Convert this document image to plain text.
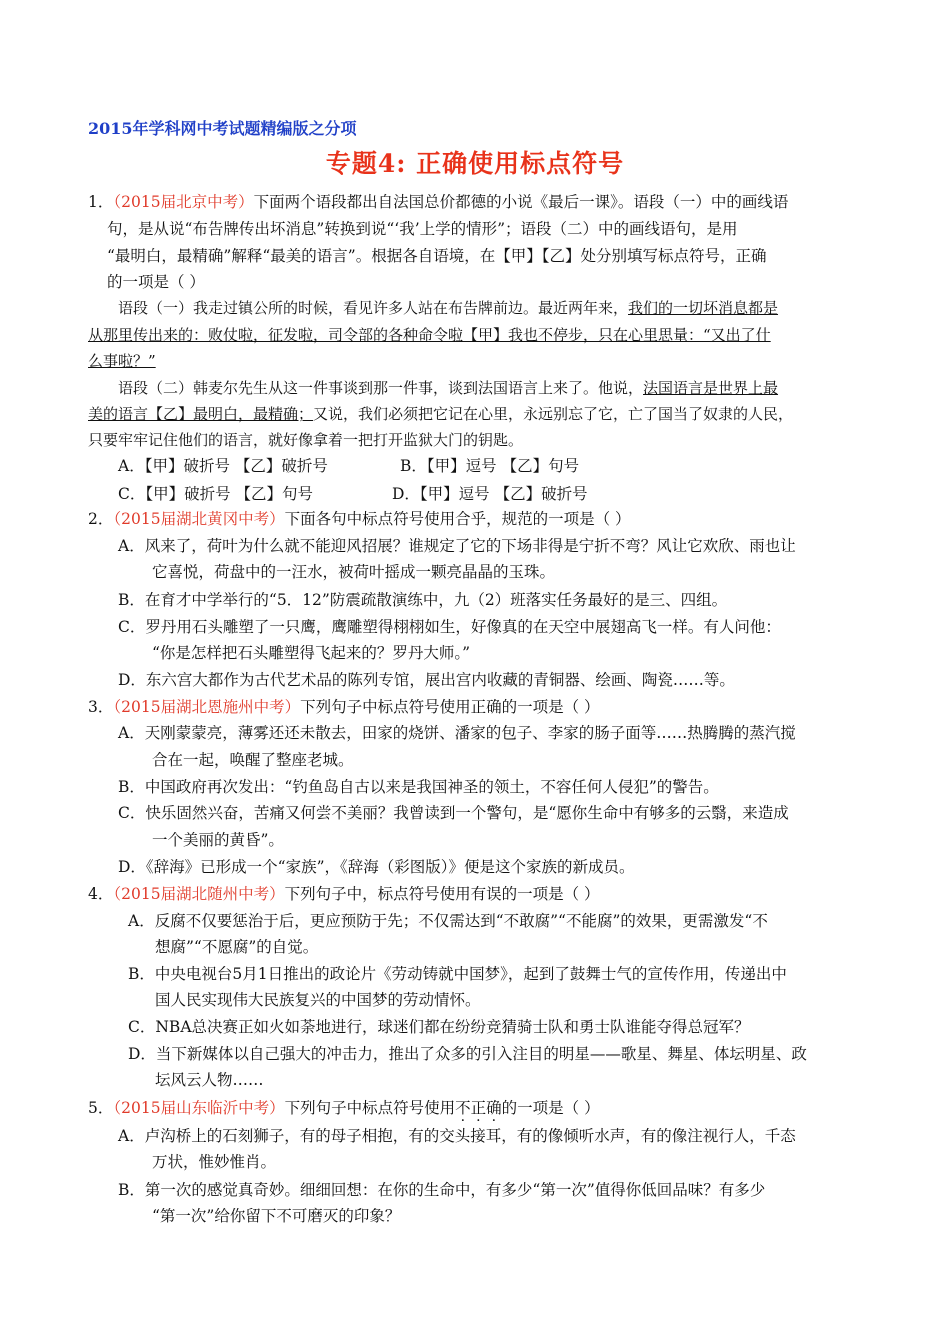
2015年学科网中考试题精编版之分项
专题4: 正确使用标点符号
1．（2015届北京中考）下面两个语段都出自法国总价都德的小说《最后一课》。语段（一）中的画线语
句，是从说“布告牌传出坏消息”转换到说“‘我’上学的情形”；语段（二）中的画线语句，是用
“最明白，最精确”解释“最美的语言”。根据各自语境，在【甲】【乙】处分别填写标点符号，正确
的一项是（ ）
语段（一）我走过镇公所的时候，看见许多人站在布告牌前边。最近两年来，我们的一切坏消息都是
从那里传出来的：败仗啦，征发啦，司令部的各种命令啦【甲】我也不停步，只在心里思量：“又出了什
么事啦？”
语段（二）韩麦尔先生从这一件事谈到那一件事，谈到法国语言上来了。他说，法国语言是世界上最
美的语言【乙】最明白，最精确；又说，我们必须把它记在心里，永远别忘了它，亡了国当了奴隶的人民，
只要牢牢记住他们的语言，就好像拿着一把打开监狱大门的钥匙。
A．【甲】破折号 【乙】破折号	B．【甲】逗号 【乙】句号
C．【甲】破折号 【乙】句号	D．【甲】逗号 【乙】破折号
2．（2015届湖北黄冈中考）下面各句中标点符号使用合乎，规范的一项是（ ）
A．风来了，荷叶为什么就不能迎风招展？谁规定了它的下场非得是宁折不弯？风让它欢欣、雨也让
它喜悦，荷盘中的一汪水，被荷叶摇成一颗亮晶晶的玉珠。
B．在育才中学举行的“5．12”防震疏散演练中，九（2）班落实任务最好的是三、四组。
C．罗丹用石头雕塑了一只鹰，鹰雕塑得栩栩如生，好像真的在天空中展翅高飞一样。有人问他：
“你是怎样把石头雕塑得飞起来的？罗丹大师。”
D．东六宫大都作为古代艺术品的陈列专馆，展出宫内收藏的青铜器、绘画、陶瓷……等。
3．（2015届湖北恩施州中考）下列句子中标点符号使用正确的一项是（ ）
A．天刚蒙蒙亮，薄雾还还未散去，田家的烧饼、潘家的包子、李家的肠子面等……热腾腾的蒸汽搅
合在一起，唤醒了整座老城。
B．中国政府再次发出：“钓鱼岛自古以来是我国神圣的领土，不容任何人侵犯”的警告。
C．快乐固然兴奋，苦痛又何尝不美丽？我曾读到一个警句，是“愿你生命中有够多的云翳，来造成
一个美丽的黄昏”。
D．《辞海》已形成一个“家族”，《辞海（彩图版）》便是这个家族的新成员。
4．（2015届湖北随州中考）下列句子中，标点符号使用有误的一项是（ ）
A．反腐不仅要惩治于后，更应预防于先；不仅需达到“不敢腐”“不能腐”的效果，更需激发“不
想腐”“不愿腐”的自觉。
B．中央电视台5月1日推出的政论片《劳动铸就中国梦》，起到了鼓舞士气的宣传作用，传递出中
国人民实现伟大民族复兴的中国梦的劳动情怀。
C．NBA总决赛正如火如荼地进行，球迷们都在纷纷竞猜骑士队和勇士队谁能夺得总冠军？
D．当下新媒体以自己强大的冲击力，推出了众多的引入注目的明星——歌星、舞星、体坛明星、政
坛风云人物……
5．（2015届山东临沂中考）下列句子中标点符号使用不正确的一项是（ ）
A．卢沟桥上的石刻狮子，有的母子相抱，有的交头接耳，有的像倾听水声，有的像注视行人，千态
万状，惟妙惟肖。
B．第一次的感觉真奇妙。细细回想：在你的生命中，有多少“第一次”值得你低回品味？有多少
“第一次”给你留下不可磨灭的印象？
